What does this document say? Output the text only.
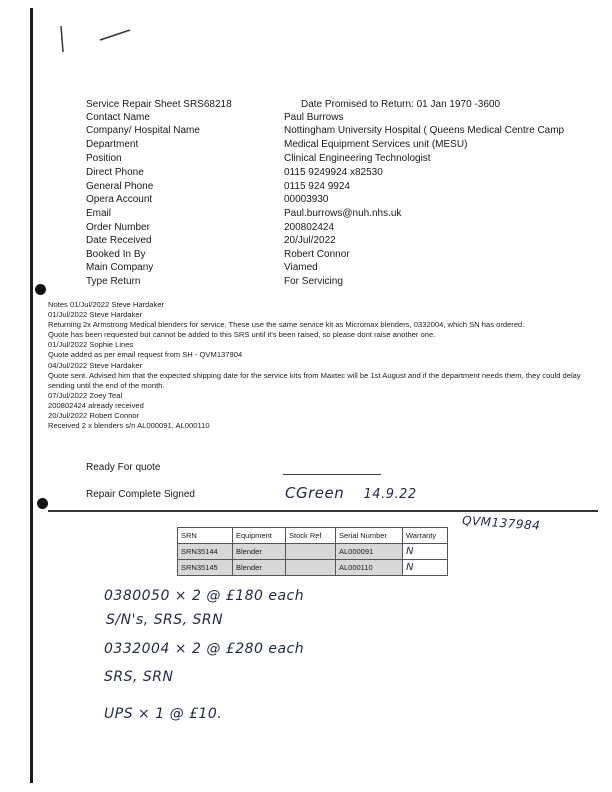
Service Repair Sheet SRS68218	Date Promised to Return: 01 Jan 1970 -3600
Contact Name	Paul Burrows
Company/ Hospital Name	Nottingham University Hospital ( Queens Medical Centre Camp
Department	Medical Equipment Services unit (MESU)
Position	Clinical Engineering Technologist
Direct Phone	0115 9249924 x82530
General Phone	0115 924 9924
Opera Account	00003930
Email	Paul.burrows@nuh.nhs.uk
Order Number	200802424
Date Received	20/Jul/2022
Booked In By	Robert Connor
Main Company	Viamed
Type Return	For Servicing
Notes 01/Jul/2022 Steve Hardaker
01/Jul/2022 Steve Hardaker
Returning 2x Armstrong Medical blenders for service. These use the same service kit as Micromax blenders, 0332004, which SN has ordered.
Quote has been requested but cannot be added to this SRS until it's been raised, so please dont raise another one.
01/Jul/2022 Sophie Lines
Quote added as per email request from SH - QVM137904
04/Jul/2022 Steve Hardaker
Quote sent. Advised him that the expected shipping date for the service kits from Maxtec will be 1st August and if the department needs them, they could delay sending until the end of the month.
07/Jul/2022 Zoey Teal
200802424 already received
20/Jul/2022 Robert Connor
Received 2 x blenders s/n AL000091, AL000110
Ready For quote
Repair Complete Signed	CGreen 14.9.22
SRN	Equipment	Stock Ref	Serial Number	Warranty
SRN35144	Blender		AL000091	N
SRN35145	Blender		AL000110	N
QVM137984
0380050 × 2 @ £180 each
S/N's, SRS, SRN
0332004 × 2 @ £280 each
SRS, SRN
UPS × 1 @ £10.
